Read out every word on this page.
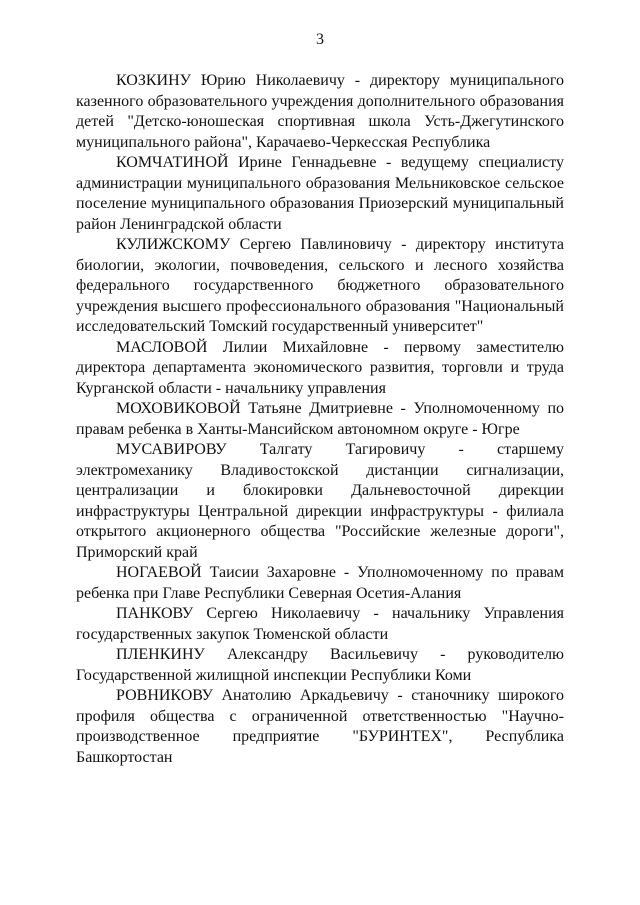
3

КОЗКИНУ Юрию Николаевичу - директору муниципального казенного образовательного учреждения дополнительного образования детей "Детско-юношеская спортивная школа Усть-Джегутинского муниципального района", Карачаево-Черкесская Республика

КОМЧАТИНОЙ Ирине Геннадьевне - ведущему специалисту администрации муниципального образования Мельниковское сельское поселение муниципального образования Приозерский муниципальный район Ленинградской области

КУЛИЖСКОМУ Сергею Павлиновичу - директору института биологии, экологии, почвоведения, сельского и лесного хозяйства федерального государственного бюджетного образовательного учреждения высшего профессионального образования "Национальный исследовательский Томский государственный университет"

МАСЛОВОЙ Лилии Михайловне - первому заместителю директора департамента экономического развития, торговли и труда Курганской области - начальнику управления

МОХОВИКОВОЙ Татьяне Дмитриевне - Уполномоченному по правам ребенка в Ханты-Мансийском автономном округе - Югре

МУСАВИРОВУ Талгату Тагировичу - старшему электромеханику Владивостокской дистанции сигнализации, централизации и блокировки Дальневосточной дирекции инфраструктуры Центральной дирекции инфраструктуры - филиала открытого акционерного общества "Российские железные дороги", Приморский край

НОГАЕВОЙ Таисии Захаровне - Уполномоченному по правам ребенка при Главе Республики Северная Осетия-Алания

ПАНКОВУ Сергею Николаевичу - начальнику Управления государственных закупок Тюменской области

ПЛЕНКИНУ Александру Васильевичу - руководителю Государственной жилищной инспекции Республики Коми

РОВНИКОВУ Анатолию Аркадьевичу - станочнику широкого профиля общества с ограниченной ответственностью "Научно-производственное предприятие "БУРИНТЕХ", Республика Башкортостан
